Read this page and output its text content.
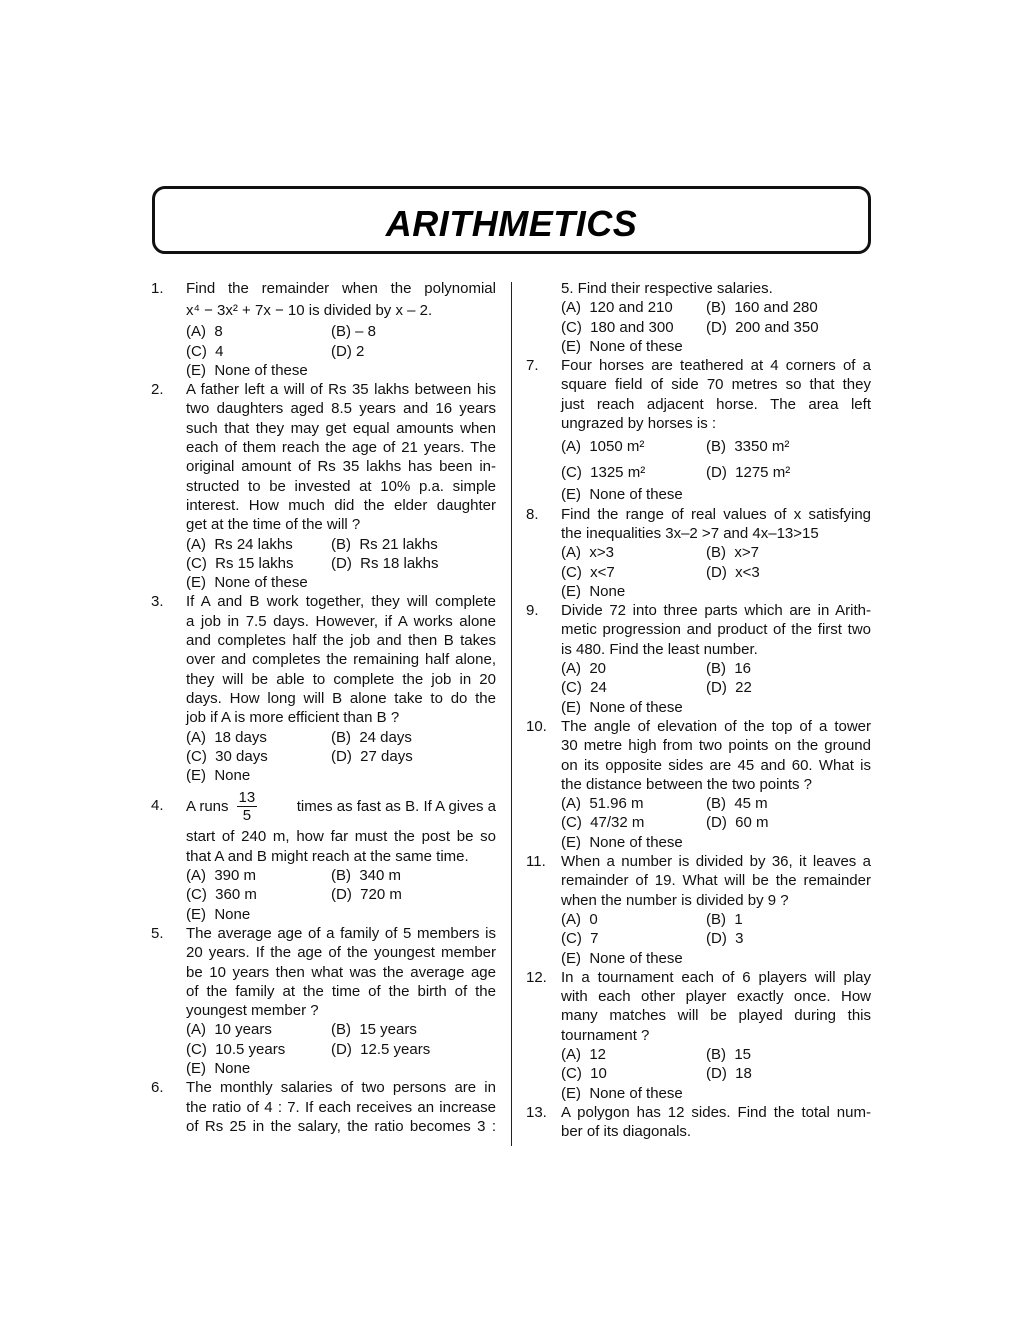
ARITHMETICS
1. Find the remainder when the polynomial
x⁴ − 3x² + 7x − 10 is divided by x – 2.
(A)  8	(B) – 8
(C)  4	(D) 2
(E)  None of these
2. A father left a will of Rs 35 lakhs between his
two daughters aged 8.5 years and 16 years
such that they may get equal amounts when
each of them reach the age of 21 years. The
original amount of Rs 35 lakhs has been in-
structed to be invested at 10% p.a. simple
interest. How much did the elder daughter
get at the time of the will ?
(A)  Rs 24 lakhs	(B)  Rs 21 lakhs
(C)  Rs 15 lakhs	(D)  Rs 18 lakhs
(E)  None of these
3. If A and B work together, they will complete
a job in 7.5 days. However, if A works alone
and completes half the job and then B takes
over and completes the remaining half alone,
they will be able to complete the job in 20
days. How long will B alone take to do the
job if A is more efficient than B ?
(A)  18 days	(B)  24 days
(C)  30 days	(D)  27 days
(E)  None
4. A runs $\frac{13}{5}$	times as fast as B. If A gives a
start of 240 m, how far must the post be so
that A and B might reach at the same time.
(A)  390 m	(B)  340 m
(C)  360 m	(D)  720 m
(E)  None
5. The average age of a family of 5 members is
20 years. If the age of the youngest member
be 10 years then what was the average age
of the family at the time of the birth of the
youngest member ?
(A)  10 years	(B)  15 years
(C)  10.5 years	(D)  12.5 years
(E)  None
6. The monthly salaries of two persons are in
the ratio of 4 : 7. If each receives an increase
of Rs 25 in the salary, the ratio becomes 3 :
5. Find their respective salaries.
(A)  120 and 210	(B)  160 and 280
(C)  180 and 300	(D)  200 and 350
(E)  None of these
7. Four horses are teathered at 4 corners of a
square field of side 70 metres so that they
just reach adjacent horse. The area left
ungrazed by horses is :
(A)  1050 m²	(B)  3350 m²
(C)  1325 m²	(D)  1275 m²
(E)  None of these
8. Find the range of real values of x satisfying
the inequalities 3x–2 >7 and 4x–13>15
(A)  x>3	(B)  x>7
(C)  x<7	(D)  x<3
(E)  None
9. Divide 72 into three parts which are in Arith-
metic progression and product of the first two
is 480. Find the least number.
(A)  20	(B)  16
(C)  24	(D)  22
(E)  None of these
10. The angle of elevation of the top of a tower
30 metre high from two points on the ground
on its opposite sides are 45 and 60. What is
the distance between the two points ?
(A)  51.96 m	(B)  45 m
(C)  47/32 m	(D)  60 m
(E)  None of these
11. When a number is divided by 36, it leaves a
remainder of 19. What will be the remainder
when the number is divided by 9 ?
(A)  0	(B)  1
(C)  7	(D)  3
(E)  None of these
12. In a tournament each of 6 players will play
with each other player exactly once. How
many matches will be played during this
tournament ?
(A)  12	(B)  15
(C)  10	(D)  18
(E)  None of these
13. A polygon has 12 sides. Find the total num-
ber of its diagonals.
